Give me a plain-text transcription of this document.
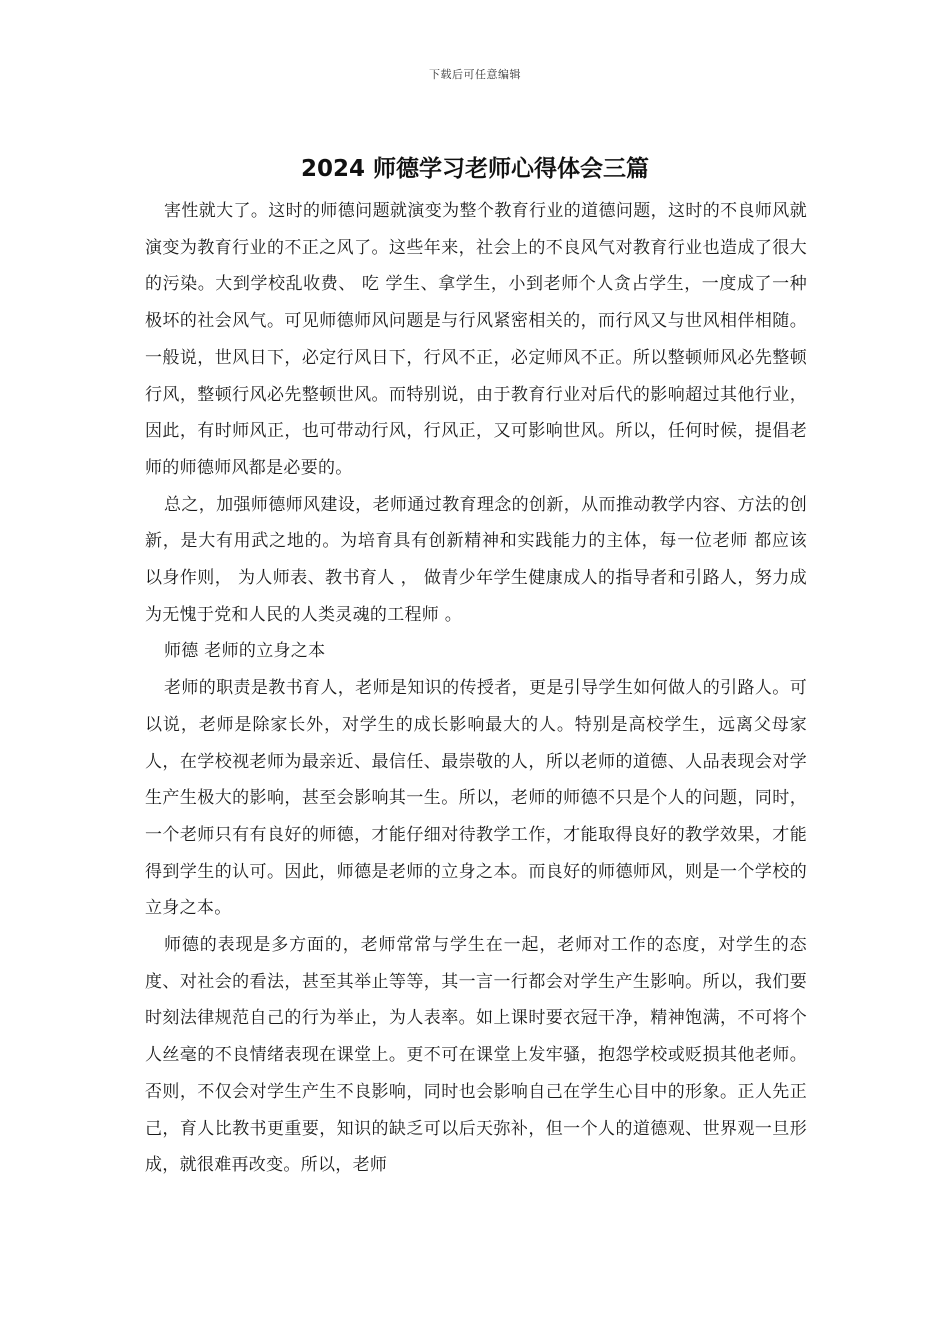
下载后可任意编辑
2024 师德学习老师心得体会三篇

害性就大了。这时的师德问题就演变为整个教育行业的道德问题，这时的不良师风就演变为教育行业的不正之风了。这些年来，社会上的不良风气对教育行业也造成了很大的污染。大到学校乱收费、 吃 学生、拿学生，小到老师个人贪占学生，一度成了一种极坏的社会风气。可见师德师风问题是与行风紧密相关的，而行风又与世风相伴相随。一般说，世风日下，必定行风日下，行风不正，必定师风不正。所以整顿师风必先整顿行风，整顿行风必先整顿世风。而特别说，由于教育行业对后代的影响超过其他行业，因此，有时师风正，也可带动行风，行风正，又可影响世风。所以，任何时候，提倡老师的师德师风都是必要的。

总之，加强师德师风建设，老师通过教育理念的创新，从而推动教学内容、方法的创新，是大有用武之地的。为培育具有创新精神和实践能力的主体，每一位老师 都应该以身作则， 为人师表、教书育人 ， 做青少年学生健康成人的指导者和引路人，努力成为无愧于党和人民的人类灵魂的工程师 。

师德 老师的立身之本

老师的职责是教书育人，老师是知识的传授者，更是引导学生如何做人的引路人。可以说，老师是除家长外，对学生的成长影响最大的人。特别是高校学生，远离父母家人，在学校视老师为最亲近、最信任、最崇敬的人，所以老师的道德、人品表现会对学生产生极大的影响，甚至会影响其一生。所以，老师的师德不只是个人的问题，同时，一个老师只有有良好的师德，才能仔细对待教学工作，才能取得良好的教学效果，才能得到学生的认可。因此，师德是老师的立身之本。而良好的师德师风，则是一个学校的立身之本。

师德的表现是多方面的，老师常常与学生在一起，老师对工作的态度，对学生的态度、对社会的看法，甚至其举止等等，其一言一行都会对学生产生影响。所以，我们要时刻法律规范自己的行为举止，为人表率。如上课时要衣冠干净，精神饱满，不可将个人丝毫的不良情绪表现在课堂上。更不可在课堂上发牢骚，抱怨学校或贬损其他老师。否则，不仅会对学生产生不良影响，同时也会影响自己在学生心目中的形象。正人先正己，育人比教书更重要，知识的缺乏可以后天弥补，但一个人的道德观、世界观一旦形成，就很难再改变。所以，老师
